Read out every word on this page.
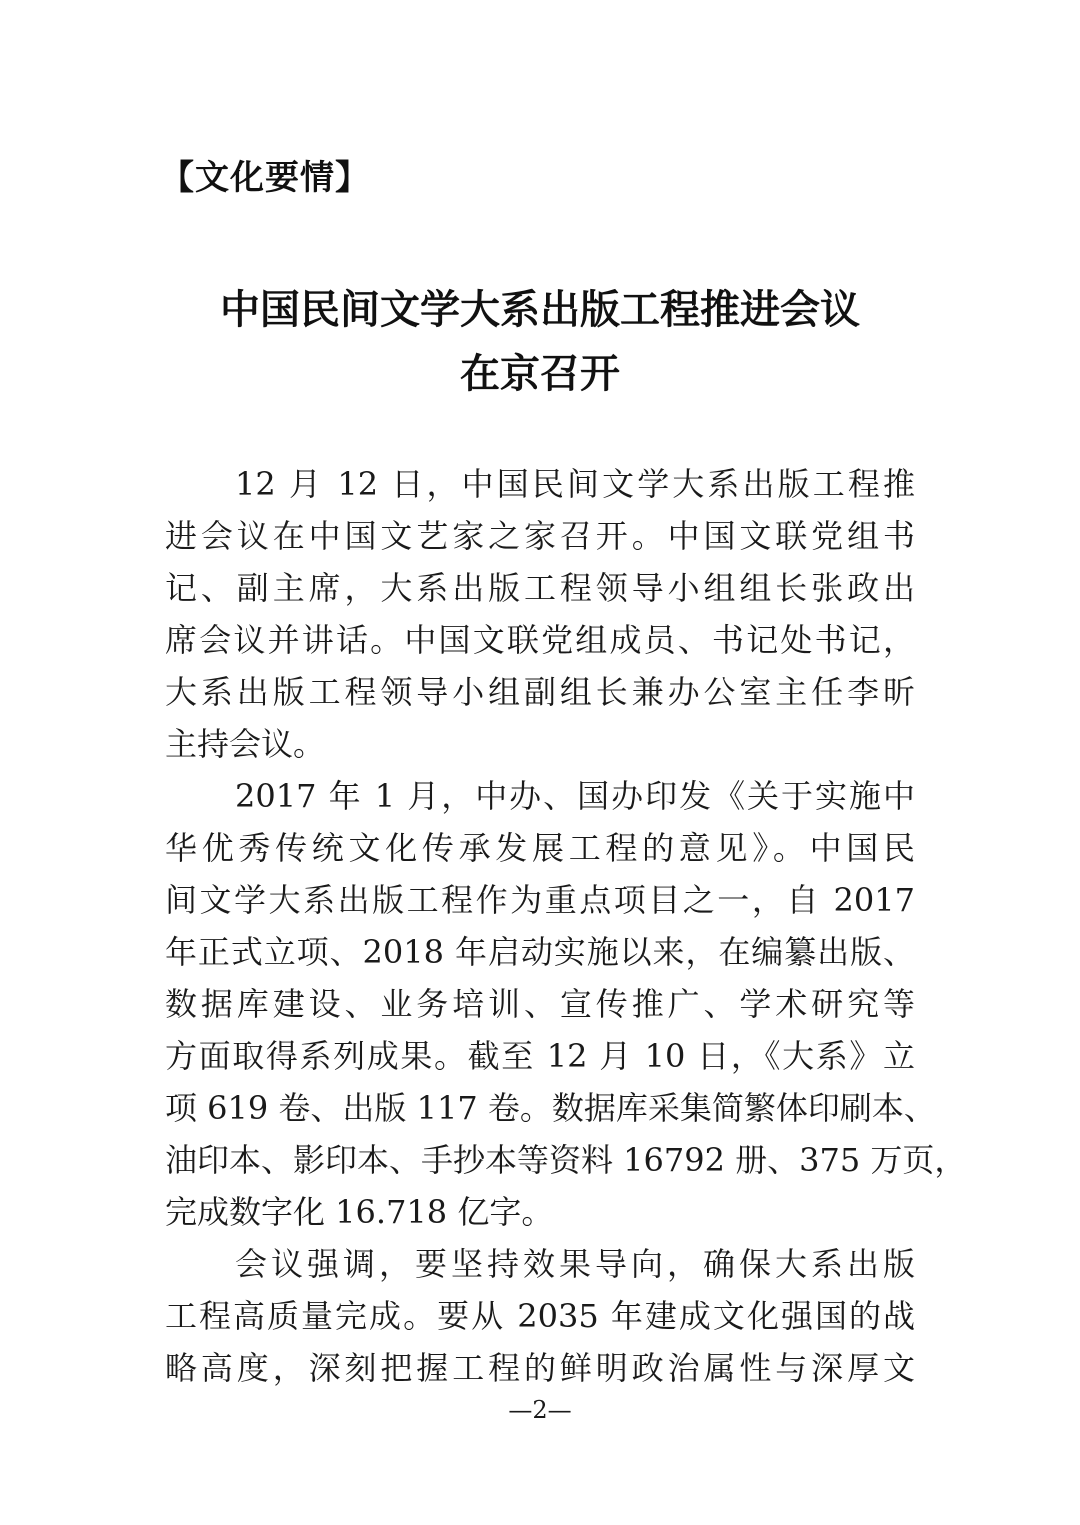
【文化要情】
中国民间文学大系出版工程推进会议
在京召开
12 月 12 日，中国民间文学大系出版工程推
进会议在中国文艺家之家召开。中国文联党组书
记、副主席，大系出版工程领导小组组长张政出
席会议并讲话。中国文联党组成员、书记处书记，
大系出版工程领导小组副组长兼办公室主任李昕
主持会议。
2017 年 1 月，中办、国办印发《关于实施中
华优秀传统文化传承发展工程的意见》。中国民
间文学大系出版工程作为重点项目之一，自 2017
年正式立项、2018 年启动实施以来，在编纂出版、
数据库建设、业务培训、宣传推广、学术研究等
方面取得系列成果。截至 12 月 10 日，《大系》立
项 619 卷、出版 117 卷。数据库采集简繁体印刷本、
油印本、影印本、手抄本等资料 16792 册、375 万页，
完成数字化 16.718 亿字。
会议强调，要坚持效果导向，确保大系出版
工程高质量完成。要从 2035 年建成文化强国的战
略高度，深刻把握工程的鲜明政治属性与深厚文
—2—
